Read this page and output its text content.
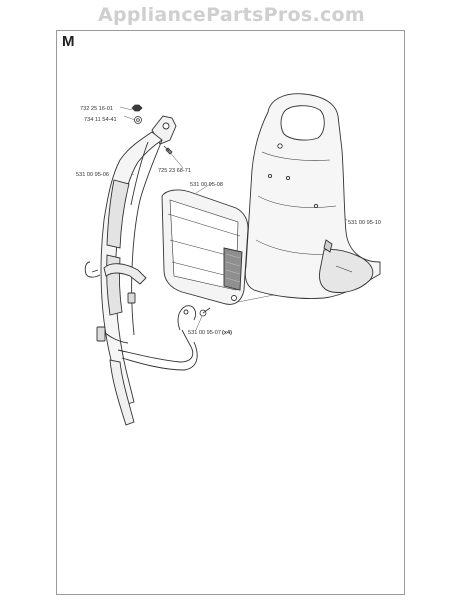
AppliancePartsPros.com
M
732 25 16-01
734 11 54-41
725 23 68-71
531 00 95-06
531 00 95-08
531 00 95-10
531 00 95-07 (x4)
